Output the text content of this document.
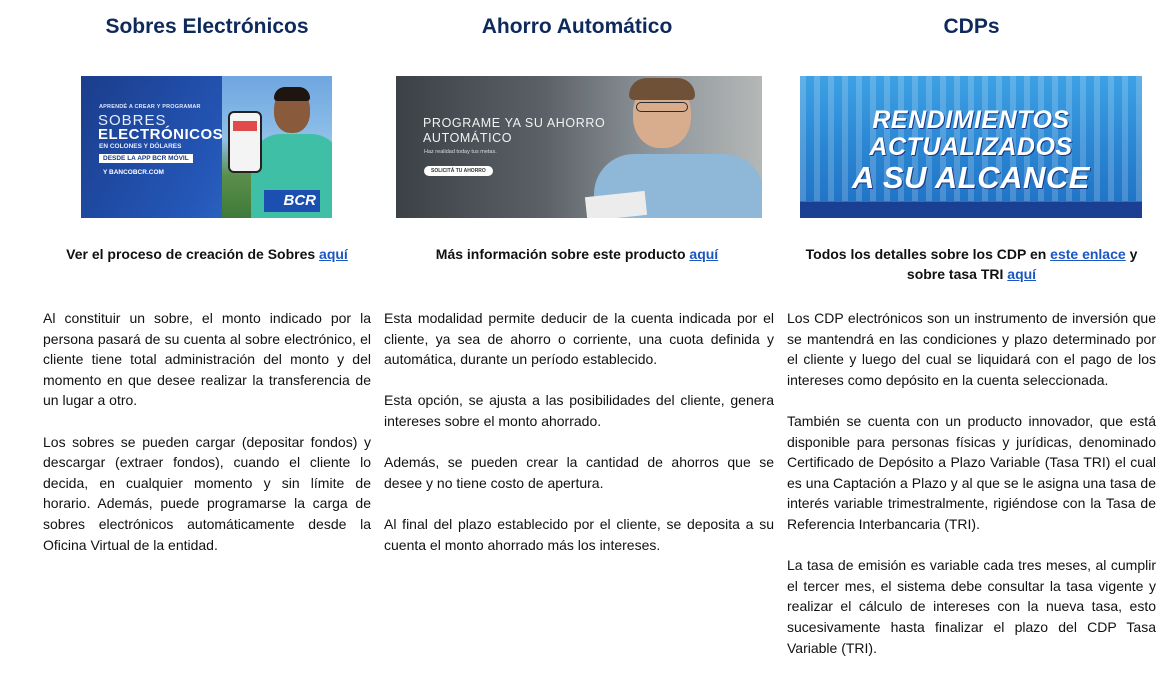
Sobres Electrónicos
APRENDÉ A CREAR Y PROGRAMAR
SOBRES
ELECTRÓNICOS
EN COLONES Y DÓLARES
DESDE LA APP BCR MÓVIL
Y BANCOBCR.COM
BCR
Ver el proceso de creación de Sobres aquí

Al constituir un sobre, el monto indicado por la persona pasará de su cuenta al sobre electrónico, el cliente tiene total administración del monto y del momento en que desee realizar la transferencia de un lugar a otro.

Los sobres se pueden cargar (depositar fondos) y descargar (extraer fondos), cuando el cliente lo decida, en cualquier momento y sin límite de horario. Además, puede programarse la carga de sobres electrónicos automáticamente desde la Oficina Virtual de la entidad.

Ahorro Automático
PROGRAME YA SU AHORRO
AUTOMÁTICO
Haz realidad today tus metas.
SOLICITÁ TU AHORRO
Más información sobre este producto aquí

Esta modalidad permite deducir de la cuenta indicada por el cliente, ya sea de ahorro o corriente, una cuota definida y automática, durante un período establecido.

Esta opción, se ajusta a las posibilidades del cliente, genera intereses sobre el monto ahorrado.

Además, se pueden crear la cantidad de ahorros que se desee y no tiene costo de apertura.

Al final del plazo establecido por el cliente, se deposita a su cuenta el monto ahorrado más los intereses.

CDPs
RENDIMIENTOS
ACTUALIZADOS
A SU ALCANCE
Todos los detalles sobre los CDP en este enlace y sobre tasa TRI aquí

Los CDP electrónicos son un instrumento de inversión que se mantendrá en las condiciones y plazo determinado por el cliente y luego del cual se liquidará con el pago de los intereses como depósito en la cuenta seleccionada.

También se cuenta con un producto innovador, que está disponible para personas físicas y jurídicas, denominado Certificado de Depósito a Plazo Variable (Tasa TRI) el cual es una Captación a Plazo y al que se le asigna una tasa de interés variable trimestralmente, rigiéndose con la Tasa de Referencia Interbancaria (TRI).

La tasa de emisión es variable cada tres meses, al cumplir el tercer mes, el sistema debe consultar la tasa vigente y realizar el cálculo de intereses con la nueva tasa, esto sucesivamente hasta finalizar el plazo del CDP Tasa Variable (TRI).
